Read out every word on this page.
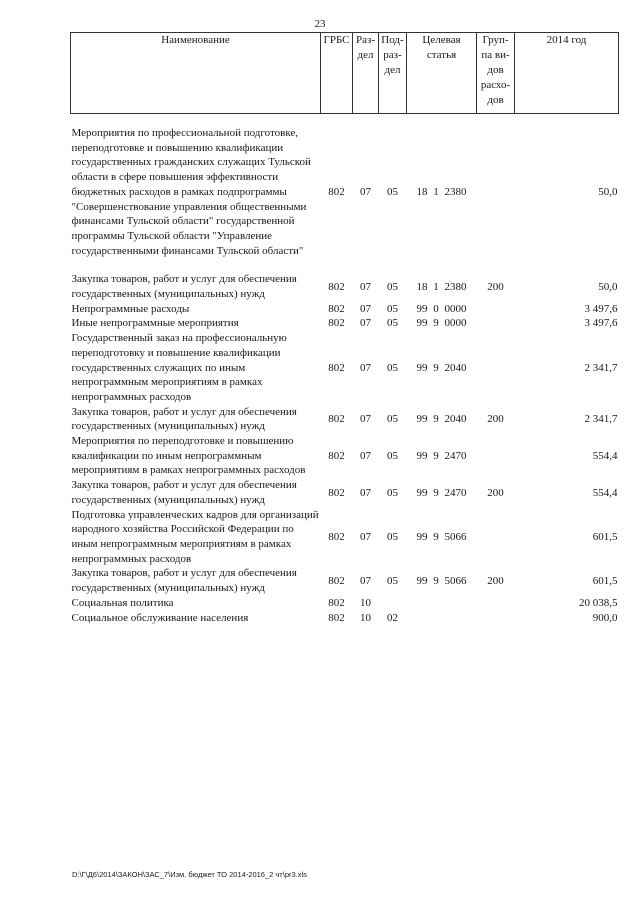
23
Наименование	ГРБС	Раз-дел	Под-раз-дел	Целевая статья	Груп-па ви-дов расхо-дов	2014 год

Мероприятия по профессиональной подготовке, переподготовке и повышению квалификации государственных гражданских служащих Тульской области в сфере повышения эффективности бюджетных расходов в рамках подпрограммы "Совершенствование управления общественными финансами Тульской области" государственной программы Тульской области "Управление государственными финансами Тульской области"	802	07	05	18 1 2380		50,0

Закупка товаров, работ и услуг для обеспечения государственных (муниципальных) нужд	802	07	05	18 1 2380	200	50,0
Непрограммные расходы	802	07	05	99 0 0000		3 497,6
Иные непрограммные мероприятия	802	07	05	99 9 0000		3 497,6
Государственный заказ на профессиональную переподготовку и повышение квалификации государственных служащих по иным непрограммным мероприятиям в рамках непрограммных расходов	802	07	05	99 9 2040		2 341,7
Закупка товаров, работ и услуг для обеспечения государственных (муниципальных) нужд	802	07	05	99 9 2040	200	2 341,7
Мероприятия по переподготовке и повышению квалификации по иным непрограммным мероприятиям в рамках непрограммных расходов	802	07	05	99 9 2470		554,4
Закупка товаров, работ и услуг для обеспечения государственных (муниципальных) нужд	802	07	05	99 9 2470	200	554,4
Подготовка управленческих кадров для организаций народного хозяйства Российской Федерации по иным непрограммным мероприятиям в рамках непрограммных расходов	802	07	05	99 9 5066		601,5
Закупка товаров, работ и услуг для обеспечения государственных (муниципальных) нужд	802	07	05	99 9 5066	200	601,5
Социальная политика	802	10				20 038,5
Социальное обслуживание населения	802	10	02			900,0
D:\Г\Д6\2014\ЗАКОН\ЗАС_7\Изм. бюджет ТО 2014-2016_2 чт\pr3.xls
